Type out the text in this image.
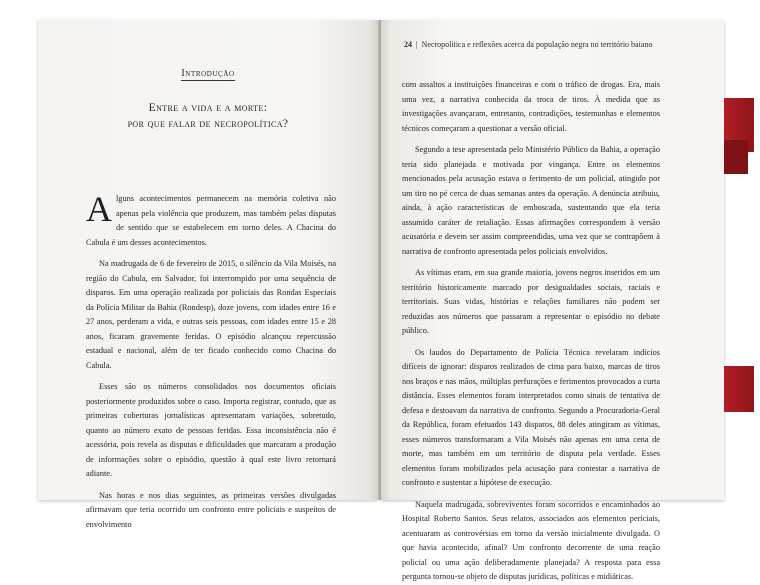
Introdução
Entre a vida e a morte:
por que falar de necropolítica?

Alguns acontecimentos permanecem na memória coletiva não apenas pela violência que produzem, mas também pelas disputas de sentido que se estabelecem em torno deles. A Chacina do Cabula é um desses acontecimentos.

Na madrugada de 6 de fevereiro de 2015, o silêncio da Vila Moisés, na região do Cabula, em Salvador, foi interrompido por uma sequência de disparos. Em uma operação realizada por policiais das Rondas Especiais da Polícia Militar da Bahia (Rondesp), doze jovens, com idades entre 16 e 27 anos, perderam a vida, e outras seis pessoas, com idades entre 15 e 28 anos, ficaram gravemente feridas. O episódio alcançou repercussão estadual e nacional, além de ter ficado conhecido como Chacina do Cabula.

Esses são os números consolidados nos documentos oficiais posteriormente produzidos sobre o caso. Importa registrar, contudo, que as primeiras coberturas jornalísticas apresentaram variações, sobretudo, quanto ao número exato de pessoas feridas. Essa inconsistência não é acessória, pois revela as disputas e dificuldades que marcaram a produção de informações sobre o episódio, questão à qual este livro retornará adiante.

Nas horas e nos dias seguintes, as primeiras versões divulgadas afirmavam que teria ocorrido um confronto entre policiais e suspeitos de envolvimento

24 | Necropolítica e reflexões acerca da população negra no território baiano

com assaltos a instituições financeiras e com o tráfico de drogas. Era, mais uma vez, a narrativa conhecida da troca de tiros. À medida que as investigações avançaram, entretanto, contradições, testemunhas e elementos técnicos começaram a questionar a versão oficial.

Segundo a tese apresentada pelo Ministério Público da Bahia, a operação teria sido planejada e motivada por vingança. Entre os elementos mencionados pela acusação estava o ferimento de um policial, atingido por um tiro no pé cerca de duas semanas antes da operação. A denúncia atribuiu, ainda, à ação características de emboscada, sustentando que ela teria assumido caráter de retaliação. Essas afirmações correspondem à versão acusatória e devem ser assim compreendidas, uma vez que se contrapõem à narrativa de confronto apresentada pelos policiais envolvidos.

As vítimas eram, em sua grande maioria, jovens negros inseridos em um território historicamente marcado por desigualdades sociais, raciais e territoriais. Suas vidas, histórias e relações familiares não podem ser reduzidas aos números que passaram a representar o episódio no debate público.

Os laudos do Departamento de Polícia Técnica revelaram indícios difíceis de ignorar: disparos realizados de cima para baixo, marcas de tiros nos braços e nas mãos, múltiplas perfurações e ferimentos provocados a curta distância. Esses elementos foram interpretados como sinais de tentativa de defesa e destoavam da narrativa de confronto. Segundo a Procuradoria-Geral da República, foram efetuados 143 disparos, 88 deles atingiram as vítimas, esses números transformaram a Vila Moisés não apenas em uma cena de morte, mas também em um território de disputa pela verdade. Esses elementos foram mobilizados pela acusação para contestar a narrativa de confronto e sustentar a hipótese de execução.

Naquela madrugada, sobreviventes foram socorridos e encaminhados ao Hospital Roberto Santos. Seus relatos, associados aos elementos periciais, acentuaram as controvérsias em torno da versão inicialmente divulgada. O que havia acontecido, afinal? Um confronto decorrente de uma reação policial ou uma ação deliberadamente planejada? A resposta para essa pergunta tornou-se objeto de disputas jurídicas, políticas e midiáticas.
